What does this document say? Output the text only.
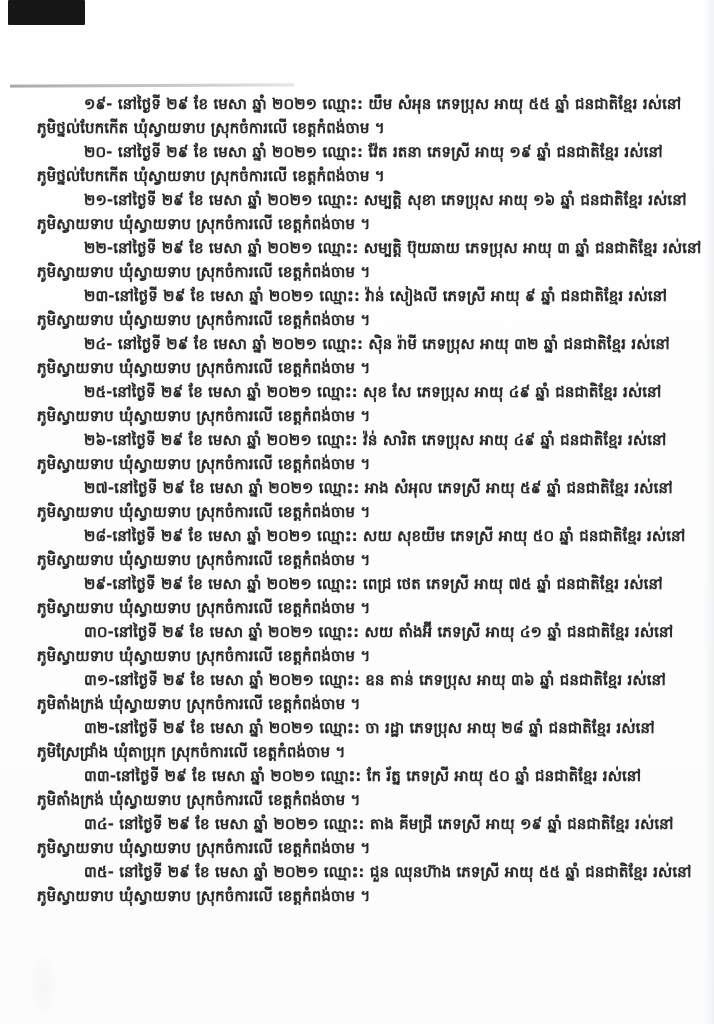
១៩- នៅថ្ងៃទី ២៩ ខែ មេសា ឆ្នាំ ២០២១ ឈ្មោះ: យឹម សំអុន ភេទប្រុស អាយុ ៥៥ ឆ្នាំ ជនជាតិខ្មែរ រស់នៅ
ភូមិថ្នល់បែកកើត ឃុំស្វាយទាប ស្រុកចំការលើ ខេត្តកំពង់ចាម ។
២០- នៅថ្ងៃទី ២៩ ខែ មេសា ឆ្នាំ ២០២១ ឈ្មោះ: វ៉ែត រតនា ភេទស្រី អាយុ ១៩ ឆ្នាំ ជនជាតិខ្មែរ រស់នៅ
ភូមិថ្នល់បែកកើត ឃុំស្វាយទាប ស្រុកចំការលើ ខេត្តកំពង់ចាម ។
២១-នៅថ្ងៃទី ២៩ ខែ មេសា ឆ្នាំ ២០២១ ឈ្មោះ: សម្បត្តិ សុខា ភេទប្រុស អាយុ ១៦ ឆ្នាំ ជនជាតិខ្មែរ រស់នៅ
ភូមិស្វាយទាប ឃុំស្វាយទាប ស្រុកចំការលើ ខេត្តកំពង់ចាម ។
២២-នៅថ្ងៃទី ២៩ ខែ មេសា ឆ្នាំ ២០២១ ឈ្មោះ: សម្បត្តិ ប៊ុយឆាយ ភេទប្រុស អាយុ ៣ ឆ្នាំ ជនជាតិខ្មែរ រស់នៅ
ភូមិស្វាយទាប ឃុំស្វាយទាប ស្រុកចំការលើ ខេត្តកំពង់ចាម ។
២៣-នៅថ្ងៃទី ២៩ ខែ មេសា ឆ្នាំ ២០២១ ឈ្មោះ: វ៉ាន់ សៀងលី ភេទស្រី អាយុ ៩ ឆ្នាំ ជនជាតិខ្មែរ រស់នៅ
ភូមិស្វាយទាប ឃុំស្វាយទាប ស្រុកចំការលើ ខេត្តកំពង់ចាម ។
២៤- នៅថ្ងៃទី ២៩ ខែ មេសា ឆ្នាំ ២០២១ ឈ្មោះ: ស៊ិន រ៉ាមី ភេទប្រុស អាយុ ៣២ ឆ្នាំ ជនជាតិខ្មែរ រស់នៅ
ភូមិស្វាយទាប ឃុំស្វាយទាប ស្រុកចំការលើ ខេត្តកំពង់ចាម ។
២៥-នៅថ្ងៃទី ២៩ ខែ មេសា ឆ្នាំ ២០២១ ឈ្មោះ: សុខ សែ ភេទប្រុស អាយុ ៤៩ ឆ្នាំ ជនជាតិខ្មែរ រស់នៅ
ភូមិស្វាយទាប ឃុំស្វាយទាប ស្រុកចំការលើ ខេត្តកំពង់ចាម ។
២៦-នៅថ្ងៃទី ២៩ ខែ មេសា ឆ្នាំ ២០២១ ឈ្មោះ: វ៉ន់ សារិត ភេទប្រុស អាយុ ៤៩ ឆ្នាំ ជនជាតិខ្មែរ រស់នៅ
ភូមិស្វាយទាប ឃុំស្វាយទាប ស្រុកចំការលើ ខេត្តកំពង់ចាម ។
២៧-នៅថ្ងៃទី ២៩ ខែ មេសា ឆ្នាំ ២០២១ ឈ្មោះ: អាង សំអុល ភេទស្រី អាយុ ៥៩ ឆ្នាំ ជនជាតិខ្មែរ រស់នៅ
ភូមិស្វាយទាប ឃុំស្វាយទាប ស្រុកចំការលើ ខេត្តកំពង់ចាម ។
២៨-នៅថ្ងៃទី ២៩ ខែ មេសា ឆ្នាំ ២០២១ ឈ្មោះ: សយ សុខយីម ភេទស្រី អាយុ ៥០ ឆ្នាំ ជនជាតិខ្មែរ រស់នៅ
ភូមិស្វាយទាប ឃុំស្វាយទាប ស្រុកចំការលើ ខេត្តកំពង់ចាម ។
២៩-នៅថ្ងៃទី ២៩ ខែ មេសា ឆ្នាំ ២០២១ ឈ្មោះ: ពេជ្រ ថេត ភេទស្រី អាយុ ៧៥ ឆ្នាំ ជនជាតិខ្មែរ រស់នៅ
ភូមិស្វាយទាប ឃុំស្វាយទាប ស្រុកចំការលើ ខេត្តកំពង់ចាម ។
៣០-នៅថ្ងៃទី ២៩ ខែ មេសា ឆ្នាំ ២០២១ ឈ្មោះ: សយ តាំងអ៊ី ភេទស្រី អាយុ ៤១ ឆ្នាំ ជនជាតិខ្មែរ រស់នៅ
ភូមិស្វាយទាប ឃុំស្វាយទាប ស្រុកចំការលើ ខេត្តកំពង់ចាម ។
៣១-នៅថ្ងៃទី ២៩ ខែ មេសា ឆ្នាំ ២០២១ ឈ្មោះ: ឧន តាន់ ភេទប្រុស អាយុ ៣៦ ឆ្នាំ ជនជាតិខ្មែរ រស់នៅ
ភូមិតាំងក្រង់ ឃុំស្វាយទាប ស្រុកចំការលើ ខេត្តកំពង់ចាម ។
៣២-នៅថ្ងៃទី ២៩ ខែ មេសា ឆ្នាំ ២០២១ ឈ្មោះ: ចា រដ្ឋា ភេទប្រុស អាយុ ២៨ ឆ្នាំ ជនជាតិខ្មែរ រស់នៅ
ភូមិស្រែជ្រាំង ឃុំតាប្រុក ស្រុកចំការលើ ខេត្តកំពង់ចាម ។
៣៣-នៅថ្ងៃទី ២៩ ខែ មេសា ឆ្នាំ ២០២១ ឈ្មោះ: កែ រ័ត្ន ភេទស្រី អាយុ ៥០ ឆ្នាំ ជនជាតិខ្មែរ រស់នៅ
ភូមិតាំងក្រង់ ឃុំស្វាយទាប ស្រុកចំការលើ ខេត្តកំពង់ចាម ។
៣៤- នៅថ្ងៃទី ២៩ ខែ មេសា ឆ្នាំ ២០២១ ឈ្មោះ: តាង គីមជ្រី ភេទស្រី អាយុ ១៩ ឆ្នាំ ជនជាតិខ្មែរ រស់នៅ
ភូមិស្វាយទាប ឃុំស្វាយទាប ស្រុកចំការលើ ខេត្តកំពង់ចាម ។
៣៥- នៅថ្ងៃទី ២៩ ខែ មេសា ឆ្នាំ ២០២១ ឈ្មោះ: ជួន ឈុនហ៊ាង ភេទស្រី អាយុ ៥៥ ឆ្នាំ ជនជាតិខ្មែរ រស់នៅ
ភូមិស្វាយទាប ឃុំស្វាយទាប ស្រុកចំការលើ ខេត្តកំពង់ចាម ។
